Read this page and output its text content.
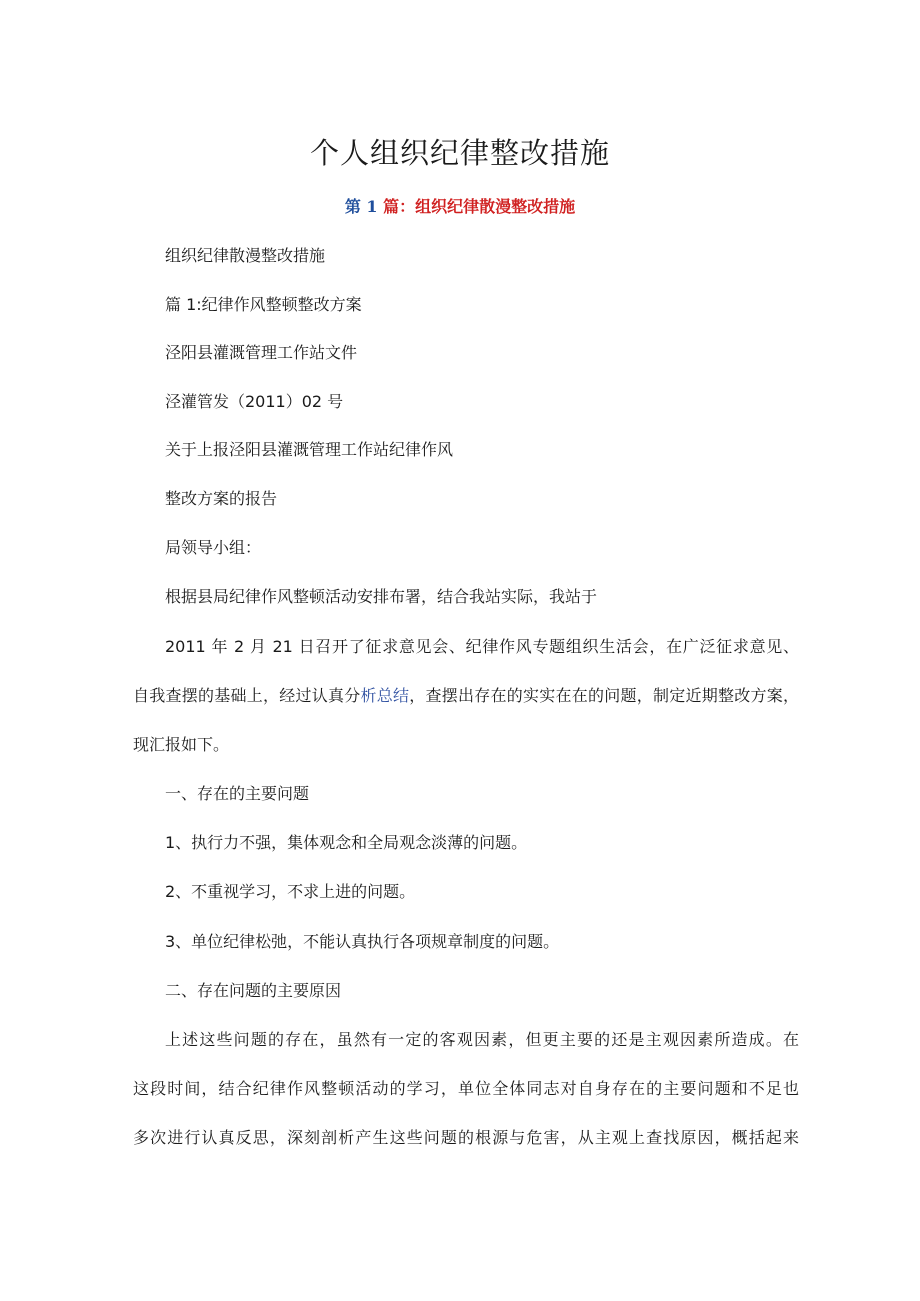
个人组织纪律整改措施
第 1 篇：组织纪律散漫整改措施

组织纪律散漫整改措施

篇 1:纪律作风整顿整改方案

泾阳县灌溉管理工作站文件

泾灌管发（2011）02 号

关于上报泾阳县灌溉管理工作站纪律作风

整改方案的报告

局领导小组：

根据县局纪律作风整顿活动安排布署，结合我站实际，我站于

2011 年 2 月 21 日召开了征求意见会、纪律作风专题组织生活会，在广泛征求意见、

自我查摆的基础上，经过认真分析总结，查摆出存在的实实在在的问题，制定近期整改方案，

现汇报如下。

一、存在的主要问题

1、执行力不强，集体观念和全局观念淡薄的问题。

2、不重视学习，不求上进的问题。

3、单位纪律松弛，不能认真执行各项规章制度的问题。

二、存在问题的主要原因

上述这些问题的存在，虽然有一定的客观因素，但更主要的还是主观因素所造成。在

这段时间，结合纪律作风整顿活动的学习，单位全体同志对自身存在的主要问题和不足也

多次进行认真反思，深刻剖析产生这些问题的根源与危害，从主观上查找原因，概括起来
